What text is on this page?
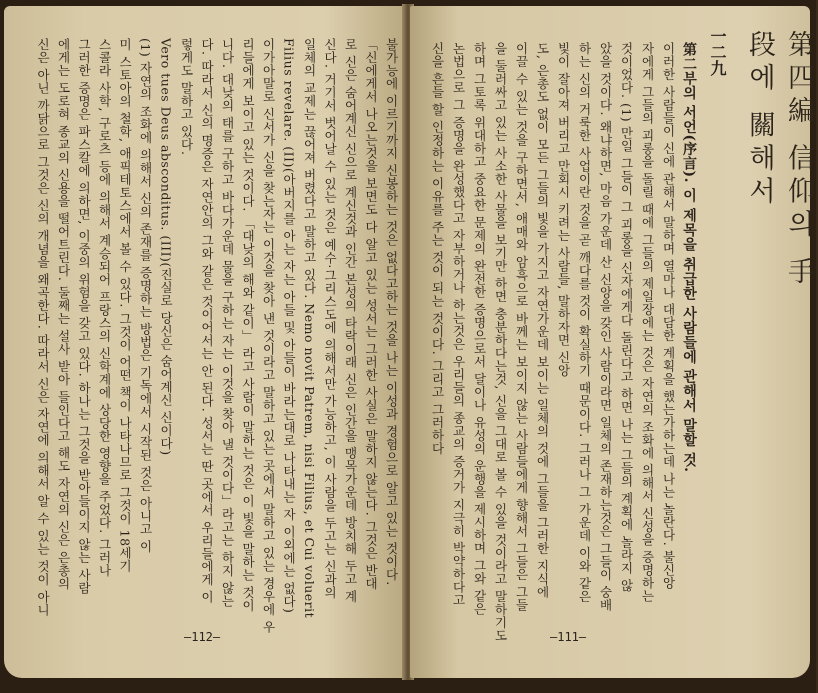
불가능에 이르기까지 신봉하는 것은 없다고하는 것을 나는 이성과 경험으로 알고 있는 것이다.
「신에게서 나오는것을 보면도 다 알고 있는 성서는 그러한 사실은 말하지 않는다. 그것은 반대
로 신은 숨어계신 신으로 계신것과 인간 본성의 타락이래 신은 인간을 맹목가운데 방치해 두고 계
신다. 거기서 벗어날 수 있는 것은 예수·그리스도에 의해서만 가능하고, 이 사람을 두고는 신과의
일체의 교제는 끊어져 버렸다고 말하고 있다. Nemo novit Patrem, nisi Filius, et Cui voluerit
Filius revelare. (II)(아버지를 아는 자는 아들 및 아들이 바라는대로 나타내는 자 이외에는 없다)
이가아말로 신서가 신을 찾는자는 이것을 찾아 낸 것이라고 말하고 있는 곳에서 말하고 있는 경우에 우
리들에게 보이고 있는 것이다. 「대낮의 해와 같이」 라고 사람이 말하는 것은 이 빛을 말하는 것이
니다. 대낮의 태를 구하고 바다가운데 물을 구하는 자는 이것을 찾아 낼 것이다」라고는 하지 않는
다. 따라서 신의 명증은 자연안의 그와 같은 것이어서는 안 된다. 성서는 딴 곳에서 우리들에게 이
렇게도 말하고 있다.
Vero tues Deus absconditus. (III)(진실로 당신은 숨어계신 신이다)
(1) 자연의 조화에 의해서 신의 존재를 증명하는 방법은 기독에서 시작된 것은 아니고 이
미 스토아의 철학, 애픽테토스에서 볼 수 있다. 그것이 어떤 책이 나타나므로 그것이 18세기
스콜라 사학, 구로츠 등에 의해서 계승되어 프랑스의 신학계에 상당한 영향을 주었다. 그러나
그러한 증명은 파스칼에 의하면, 이중의 위험을 갖고 있다. 하나는 그것을 받아들이지 않는 사람
에게는 도로혀 종교의 신용을 떨어트린다. 둘째는 설사 받아 들인다고 해도 자연의 신은 은총의
신은 아닌 까닭으로 그것은 신의 개념을 왜곡한다. 따라서 신은 자연에 의해서 알 수 있는 것이 아니
—112—
第四編 信仰의 手段에 關해서
一二九
第二부의 서언(序言). 이 제목을 취급한 사람들에 관해서 말할 것.
이러한 사람들이 신에 관해서 말하며 열마나 대담한 계획을 했는가하는데 나는 놀란다. 불신앙
자에게 그들의 괴롱을 돌릴 때에 그들의 제일장에는 것은 자연의 조화에 의해서 신성을 증명하는
것이었다. (1) 만일 그들이 그 괴롱을 신자에게다 돌린다고 하면 나는 그들의 계획에 놀라지 않
았을 것이다. 왜냐하면, 마음 가운데 산 신앙을 갖인 사람이라면 일체의 존재하는것은 그들이 숭배
하는 신의 거룩한 사업이란 것을 곧 깨다를 것이 확실하기 때문이다. 그러나 그 가운데 이와 같은
빛이 잘아져 버리고 만회시 키려는 사람들, 말하자면 신앙
도, 은총도 없이 모든 그들의 빛을 가지고 자연가운데 보이는 일체의 것에 그들을 그러한 지식에
이끌 수 있는 것을 구하면서, 애매와 암흑으로 바께는 보이지 않는 사람들에게 향해서 그들은 그들
을 둘러싸고 있는 사소한 사물을 보기만 하면 충분하다는것, 신을 그대로 볼 수 있을 것이라고 말하기도
하며 그토록 위대하고 중요한 문제의 완전한 증명으로서 달이나 유성의 운행을 제시하며 그와 같은
논법으로 그 증명을 완성했다고 자부하거나 하는것은 우리들의 종교의 증거가 지극히 박약하다고
신을 흔들 할 인정하는 이유를 주는 것이 되는 것이다. 그리고 그러하다
—111—
